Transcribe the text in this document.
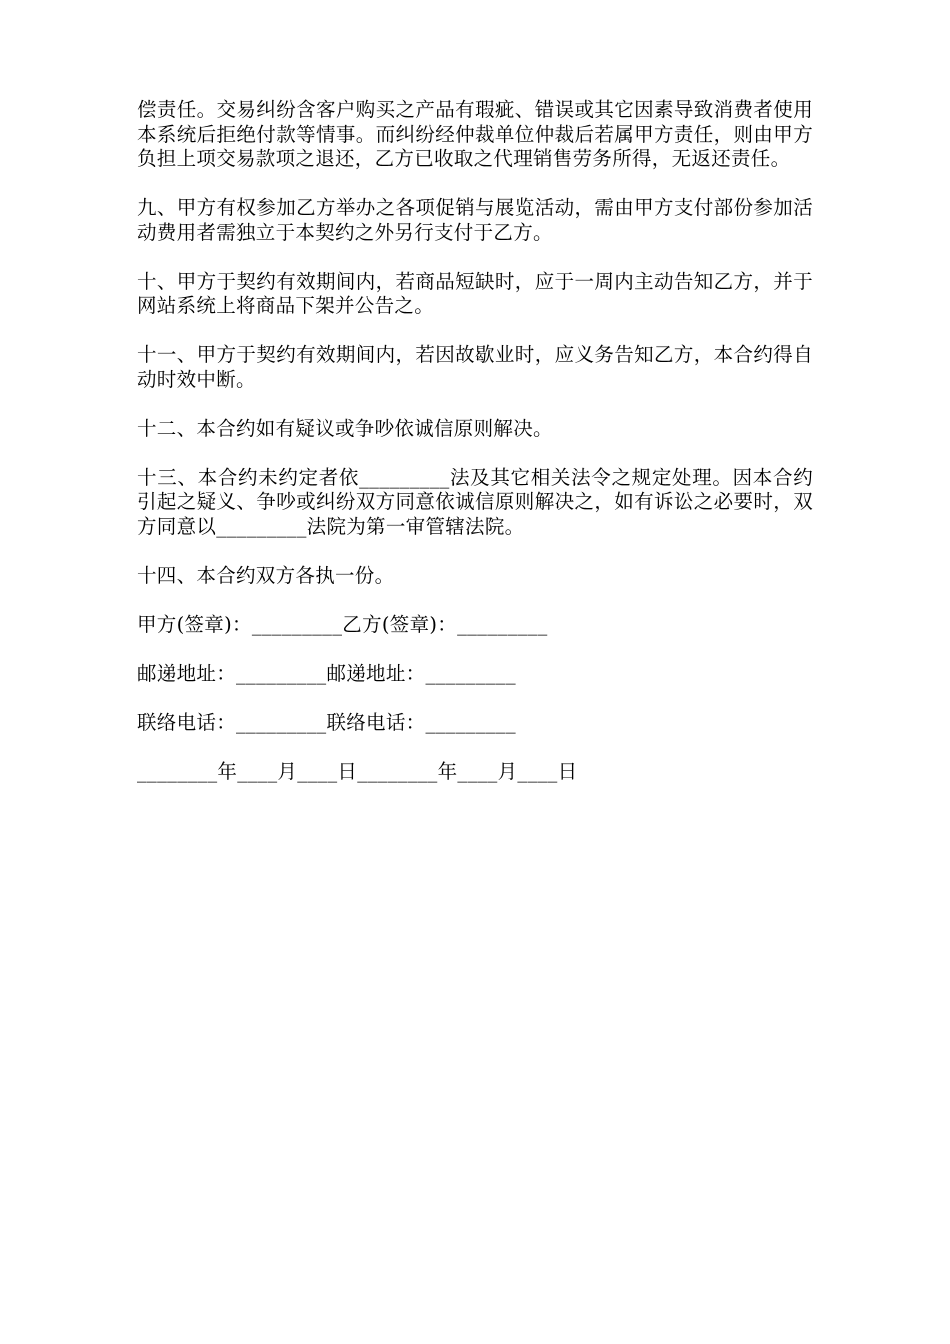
偿责任。交易纠纷含客户购买之产品有瑕疵、错误或其它因素导致消费者使用本系统后拒绝付款等情事。而纠纷经仲裁单位仲裁后若属甲方责任，则由甲方负担上项交易款项之退还，乙方已收取之代理销售劳务所得，无返还责任。

九、甲方有权参加乙方举办之各项促销与展览活动，需由甲方支付部份参加活动费用者需独立于本契约之外另行支付于乙方。

十、甲方于契约有效期间内，若商品短缺时，应于一周内主动告知乙方，并于网站系统上将商品下架并公告之。

十一、甲方于契约有效期间内，若因故歇业时，应义务告知乙方，本合约得自动时效中断。

十二、本合约如有疑议或争吵依诚信原则解决。

十三、本合约未约定者依_________法及其它相关法令之规定处理。因本合约引起之疑义、争吵或纠纷双方同意依诚信原则解决之，如有诉讼之必要时，双方同意以_________法院为第一审管辖法院。

十四、本合约双方各执一份。

甲方(签章)：_________乙方(签章)：_________

邮递地址：_________邮递地址：_________

联络电话：_________联络电话：_________

________年____月____日________年____月____日
